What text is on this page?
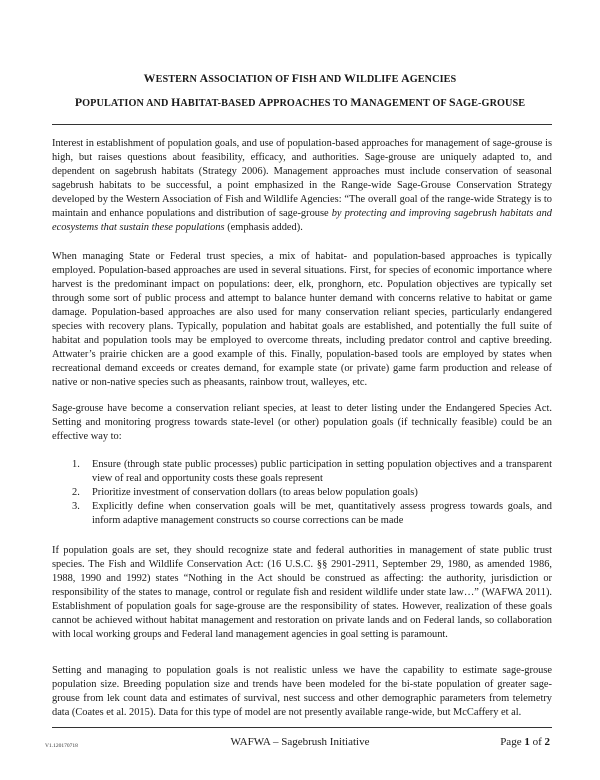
WESTERN ASSOCIATION OF FISH AND WILDLIFE AGENCIES
POPULATION AND HABITAT-BASED APPROACHES TO MANAGEMENT OF SAGE-GROUSE

Interest in establishment of population goals, and use of population-based approaches for management of sage-grouse is high, but raises questions about feasibility, efficacy, and authorities. Sage-grouse are uniquely adapted to, and dependent on sagebrush habitats (Strategy 2006). Management approaches must include conservation of seasonal sagebrush habitats to be successful, a point emphasized in the Range-wide Sage-Grouse Conservation Strategy developed by the Western Association of Fish and Wildlife Agencies: “The overall goal of the range-wide Strategy is to maintain and enhance populations and distribution of sage-grouse by protecting and improving sagebrush habitats and ecosystems that sustain these populations (emphasis added).

When managing State or Federal trust species, a mix of habitat- and population-based approaches is typically employed. Population-based approaches are used in several situations. First, for species of economic importance where harvest is the predominant impact on populations: deer, elk, pronghorn, etc. Population objectives are typically set through some sort of public process and attempt to balance hunter demand with concerns relative to habitat or game damage. Population-based approaches are also used for many conservation reliant species, particularly endangered species with recovery plans. Typically, population and habitat goals are established, and potentially the full suite of habitat and population tools may be employed to overcome threats, including predator control and captive breeding. Attwater’s prairie chicken are a good example of this. Finally, population-based tools are employed by states when recreational demand exceeds or creates demand, for example state (or private) game farm production and release of native or non-native species such as pheasants, rainbow trout, walleyes, etc.

Sage-grouse have become a conservation reliant species, at least to deter listing under the Endangered Species Act. Setting and monitoring progress towards state-level (or other) population goals (if technically feasible) could be an effective way to:

1.	Ensure (through state public processes) public participation in setting population objectives and a transparent view of real and opportunity costs these goals represent
2.	Prioritize investment of conservation dollars (to areas below population goals)
3.	Explicitly define when conservation goals will be met, quantitatively assess progress towards goals, and inform adaptive management constructs so course corrections can be made

If population goals are set, they should recognize state and federal authorities in management of state public trust species. The Fish and Wildlife Conservation Act: (16 U.S.C. §§ 2901-2911, September 29, 1980, as amended 1986, 1988, 1990 and 1992) states “Nothing in the Act should be construed as affecting: the authority, jurisdiction or responsibility of the states to manage, control or regulate fish and resident wildlife under state law…” (WAFWA 2011). Establishment of population goals for sage-grouse are the responsibility of states. However, realization of these goals cannot be achieved without habitat management and restoration on private lands and on Federal lands, so collaboration with local working groups and Federal land management agencies in goal setting is paramount.

Setting and managing to population goals is not realistic unless we have the capability to estimate sage-grouse population size. Breeding population size and trends have been modeled for the bi-state population of greater sage-grouse from lek count data and estimates of survival, nest success and other demographic parameters from telemetry data (Coates et al. 2015). Data for this type of model are not presently available range-wide, but McCaffery et al.

V1.120170718	WAFWA – Sagebrush Initiative	Page 1 of 2
